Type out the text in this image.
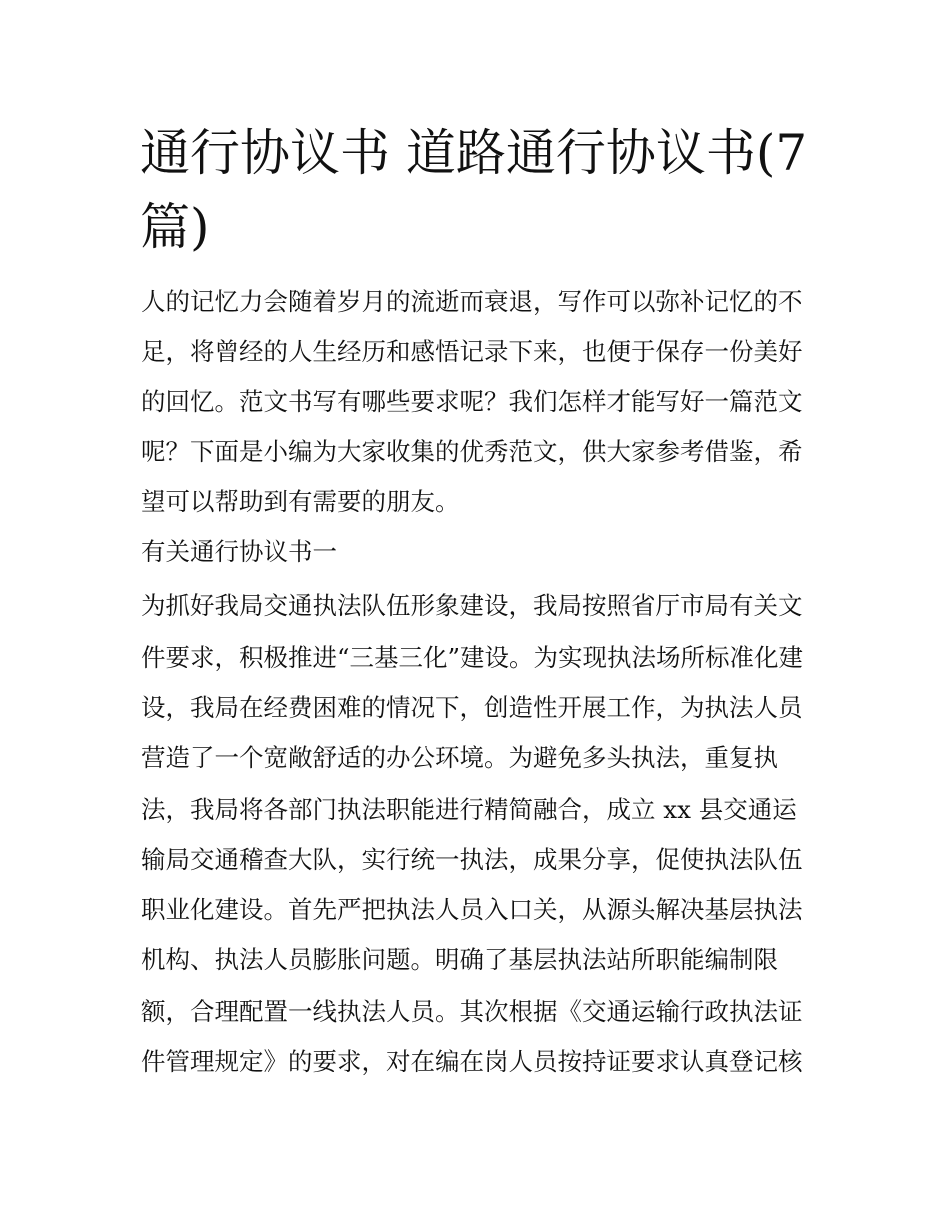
通行协议书 道路通行协议书(7
篇)

人的记忆力会随着岁月的流逝而衰退，写作可以弥补记忆的不

足，将曾经的人生经历和感悟记录下来，也便于保存一份美好

的回忆。范文书写有哪些要求呢？我们怎样才能写好一篇范文

呢？下面是小编为大家收集的优秀范文，供大家参考借鉴，希

望可以帮助到有需要的朋友。

有关通行协议书一

为抓好我局交通执法队伍形象建设，我局按照省厅市局有关文

件要求，积极推进“三基三化”建设。为实现执法场所标准化建

设，我局在经费困难的情况下，创造性开展工作，为执法人员

营造了一个宽敞舒适的办公环境。为避免多头执法，重复执

法，我局将各部门执法职能进行精简融合，成立 xx 县交通运

输局交通稽查大队，实行统一执法，成果分享，促使执法队伍

职业化建设。首先严把执法人员入口关，从源头解决基层执法

机构、执法人员膨胀问题。明确了基层执法站所职能编制限

额，合理配置一线执法人员。其次根据《交通运输行政执法证

件管理规定》的要求，对在编在岗人员按持证要求认真登记核
